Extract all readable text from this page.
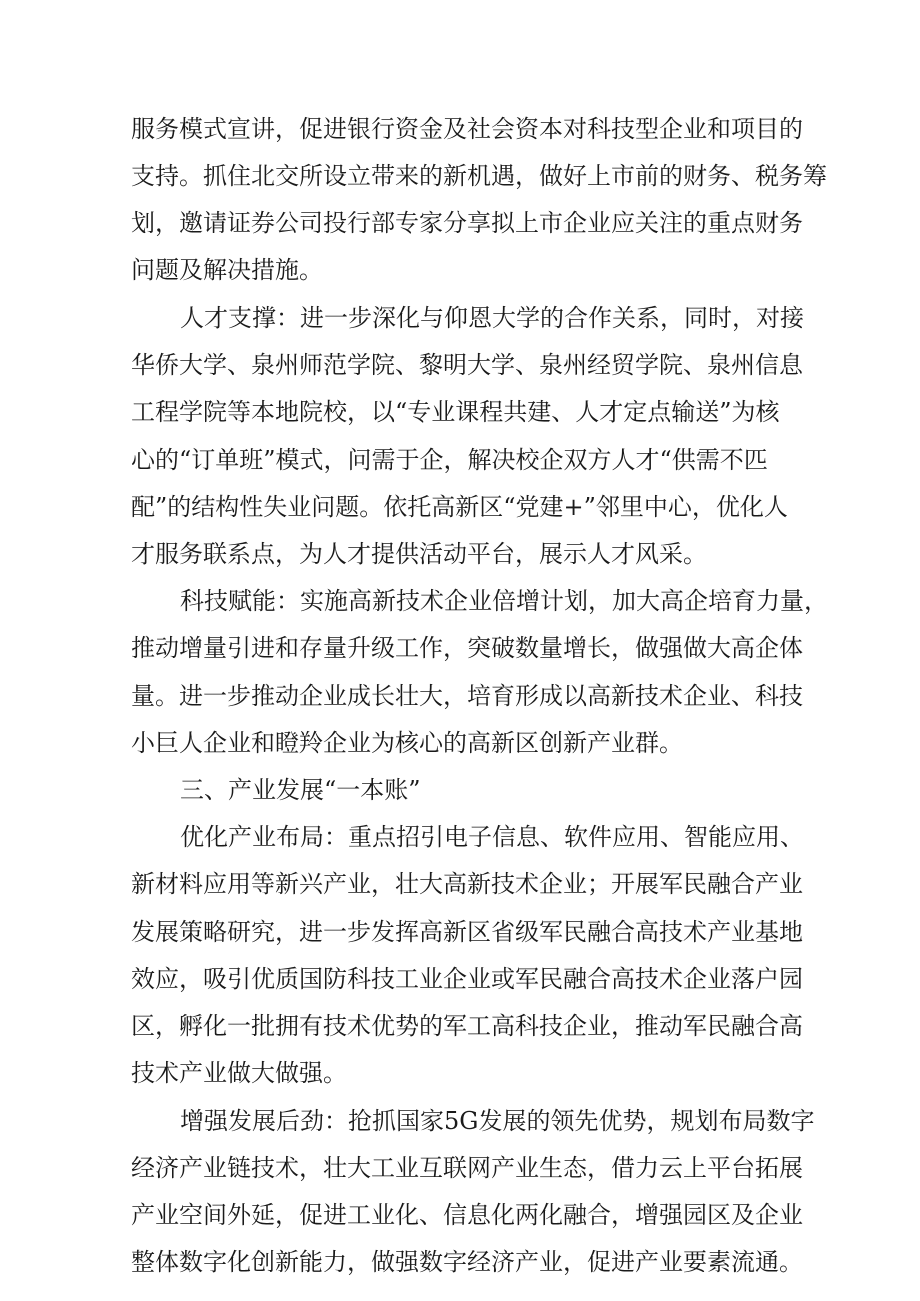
服务模式宣讲，促进银行资金及社会资本对科技型企业和项目的
支持。抓住北交所设立带来的新机遇，做好上市前的财务、税务筹
划，邀请证券公司投行部专家分享拟上市企业应关注的重点财务
问题及解决措施。
人才支撑：进一步深化与仰恩大学的合作关系，同时，对接
华侨大学、泉州师范学院、黎明大学、泉州经贸学院、泉州信息
工程学院等本地院校，以“专业课程共建、人才定点输送”为核
心的“订单班”模式，问需于企，解决校企双方人才“供需不匹
配”的结构性失业问题。依托高新区“党建+”邻里中心，优化人
才服务联系点，为人才提供活动平台，展示人才风采。
科技赋能：实施高新技术企业倍增计划，加大高企培育力量，
推动增量引进和存量升级工作，突破数量增长，做强做大高企体
量。进一步推动企业成长壮大，培育形成以高新技术企业、科技
小巨人企业和瞪羚企业为核心的高新区创新产业群。
三、产业发展“一本账”
优化产业布局：重点招引电子信息、软件应用、智能应用、
新材料应用等新兴产业，壮大高新技术企业；开展军民融合产业
发展策略研究，进一步发挥高新区省级军民融合高技术产业基地
效应，吸引优质国防科技工业企业或军民融合高技术企业落户园
区，孵化一批拥有技术优势的军工高科技企业，推动军民融合高
技术产业做大做强。
增强发展后劲：抢抓国家5G发展的领先优势，规划布局数字
经济产业链技术，壮大工业互联网产业生态，借力云上平台拓展
产业空间外延，促进工业化、信息化两化融合，增强园区及企业
整体数字化创新能力，做强数字经济产业，促进产业要素流通。
